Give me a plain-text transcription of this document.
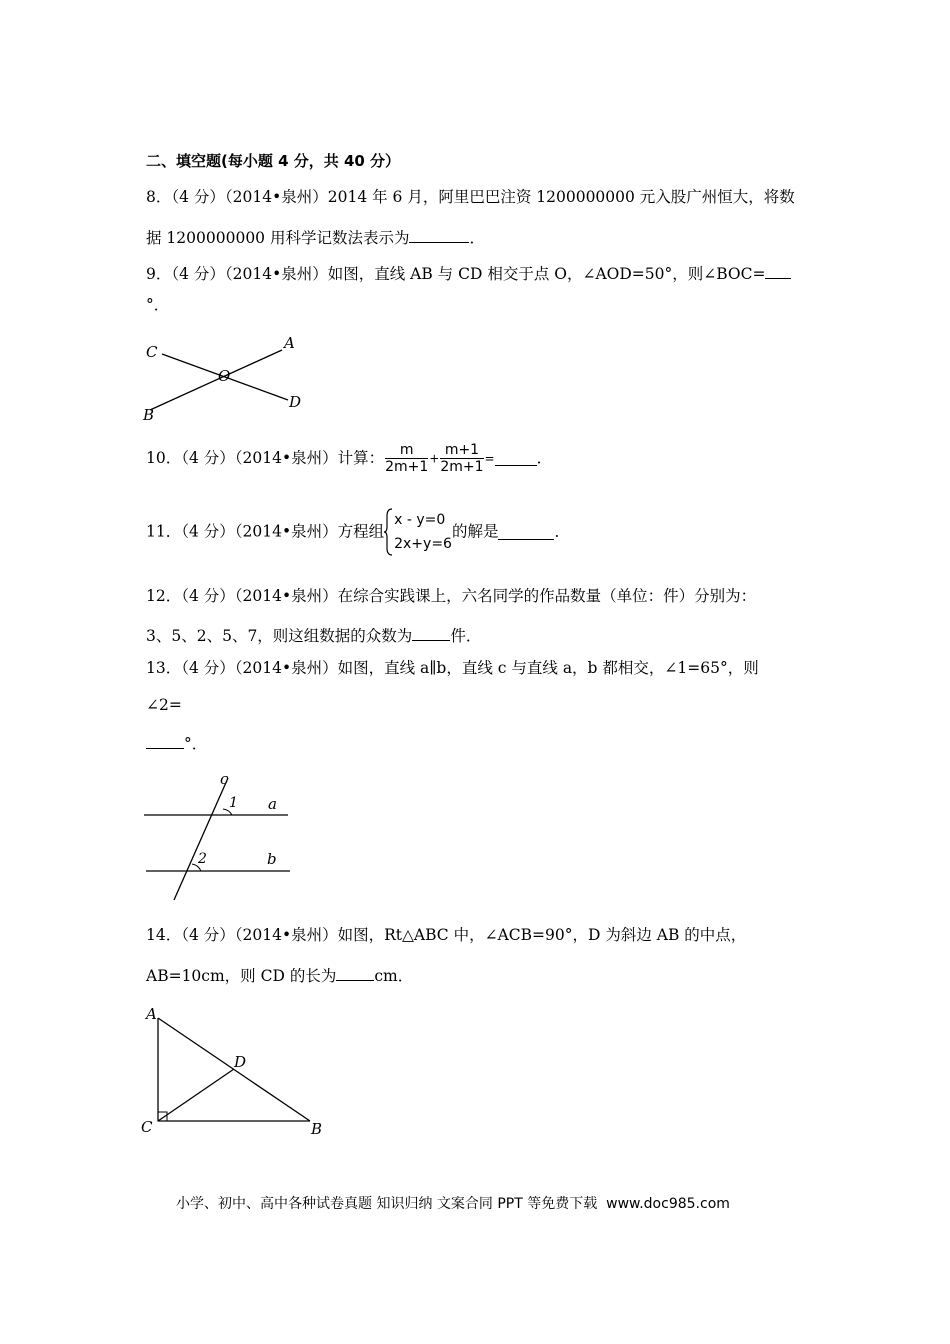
二、填空题(每小题 4 分，共 40 分）
8．（4 分）（2014•泉州）2014 年 6 月，阿里巴巴注资 1200000000 元入股广州恒大，将数
据 1200000000 用科学记数法表示为	．
9．（4 分）（2014•泉州）如图，直线 AB 与 CD 相交于点 O，∠AOD=50°，则∠BOC=
°．
C	A
O
B
D
10．（4 分）（2014•泉州）计算： $\frac{m}{2m+1} + \frac{m+1}{2m+1}$ =	．
11．（4 分）（2014•泉州）方程组
x - y=0
2x+y=6
的解是	．
12．（4 分）（2014•泉州）在综合实践课上，六名同学的作品数量（单位：件）分别为：
3、5、2、5、7，则这组数据的众数为 件．
13．（4 分）（2014•泉州）如图，直线 a∥b，直线 c 与直线 a，b 都相交，∠1=65°，则
∠2=
°．
c
1 a
2	b
14．（4 分）（2014•泉州）如图，Rt△ABC 中，∠ACB=90°，D 为斜边 AB 的中点，
AB=10cm，则 CD 的长为 cm．
A
D
C	B
小学、初中、高中各种试卷真题 知识归纳 文案合同 PPT 等免费下载 www.doc985.com
